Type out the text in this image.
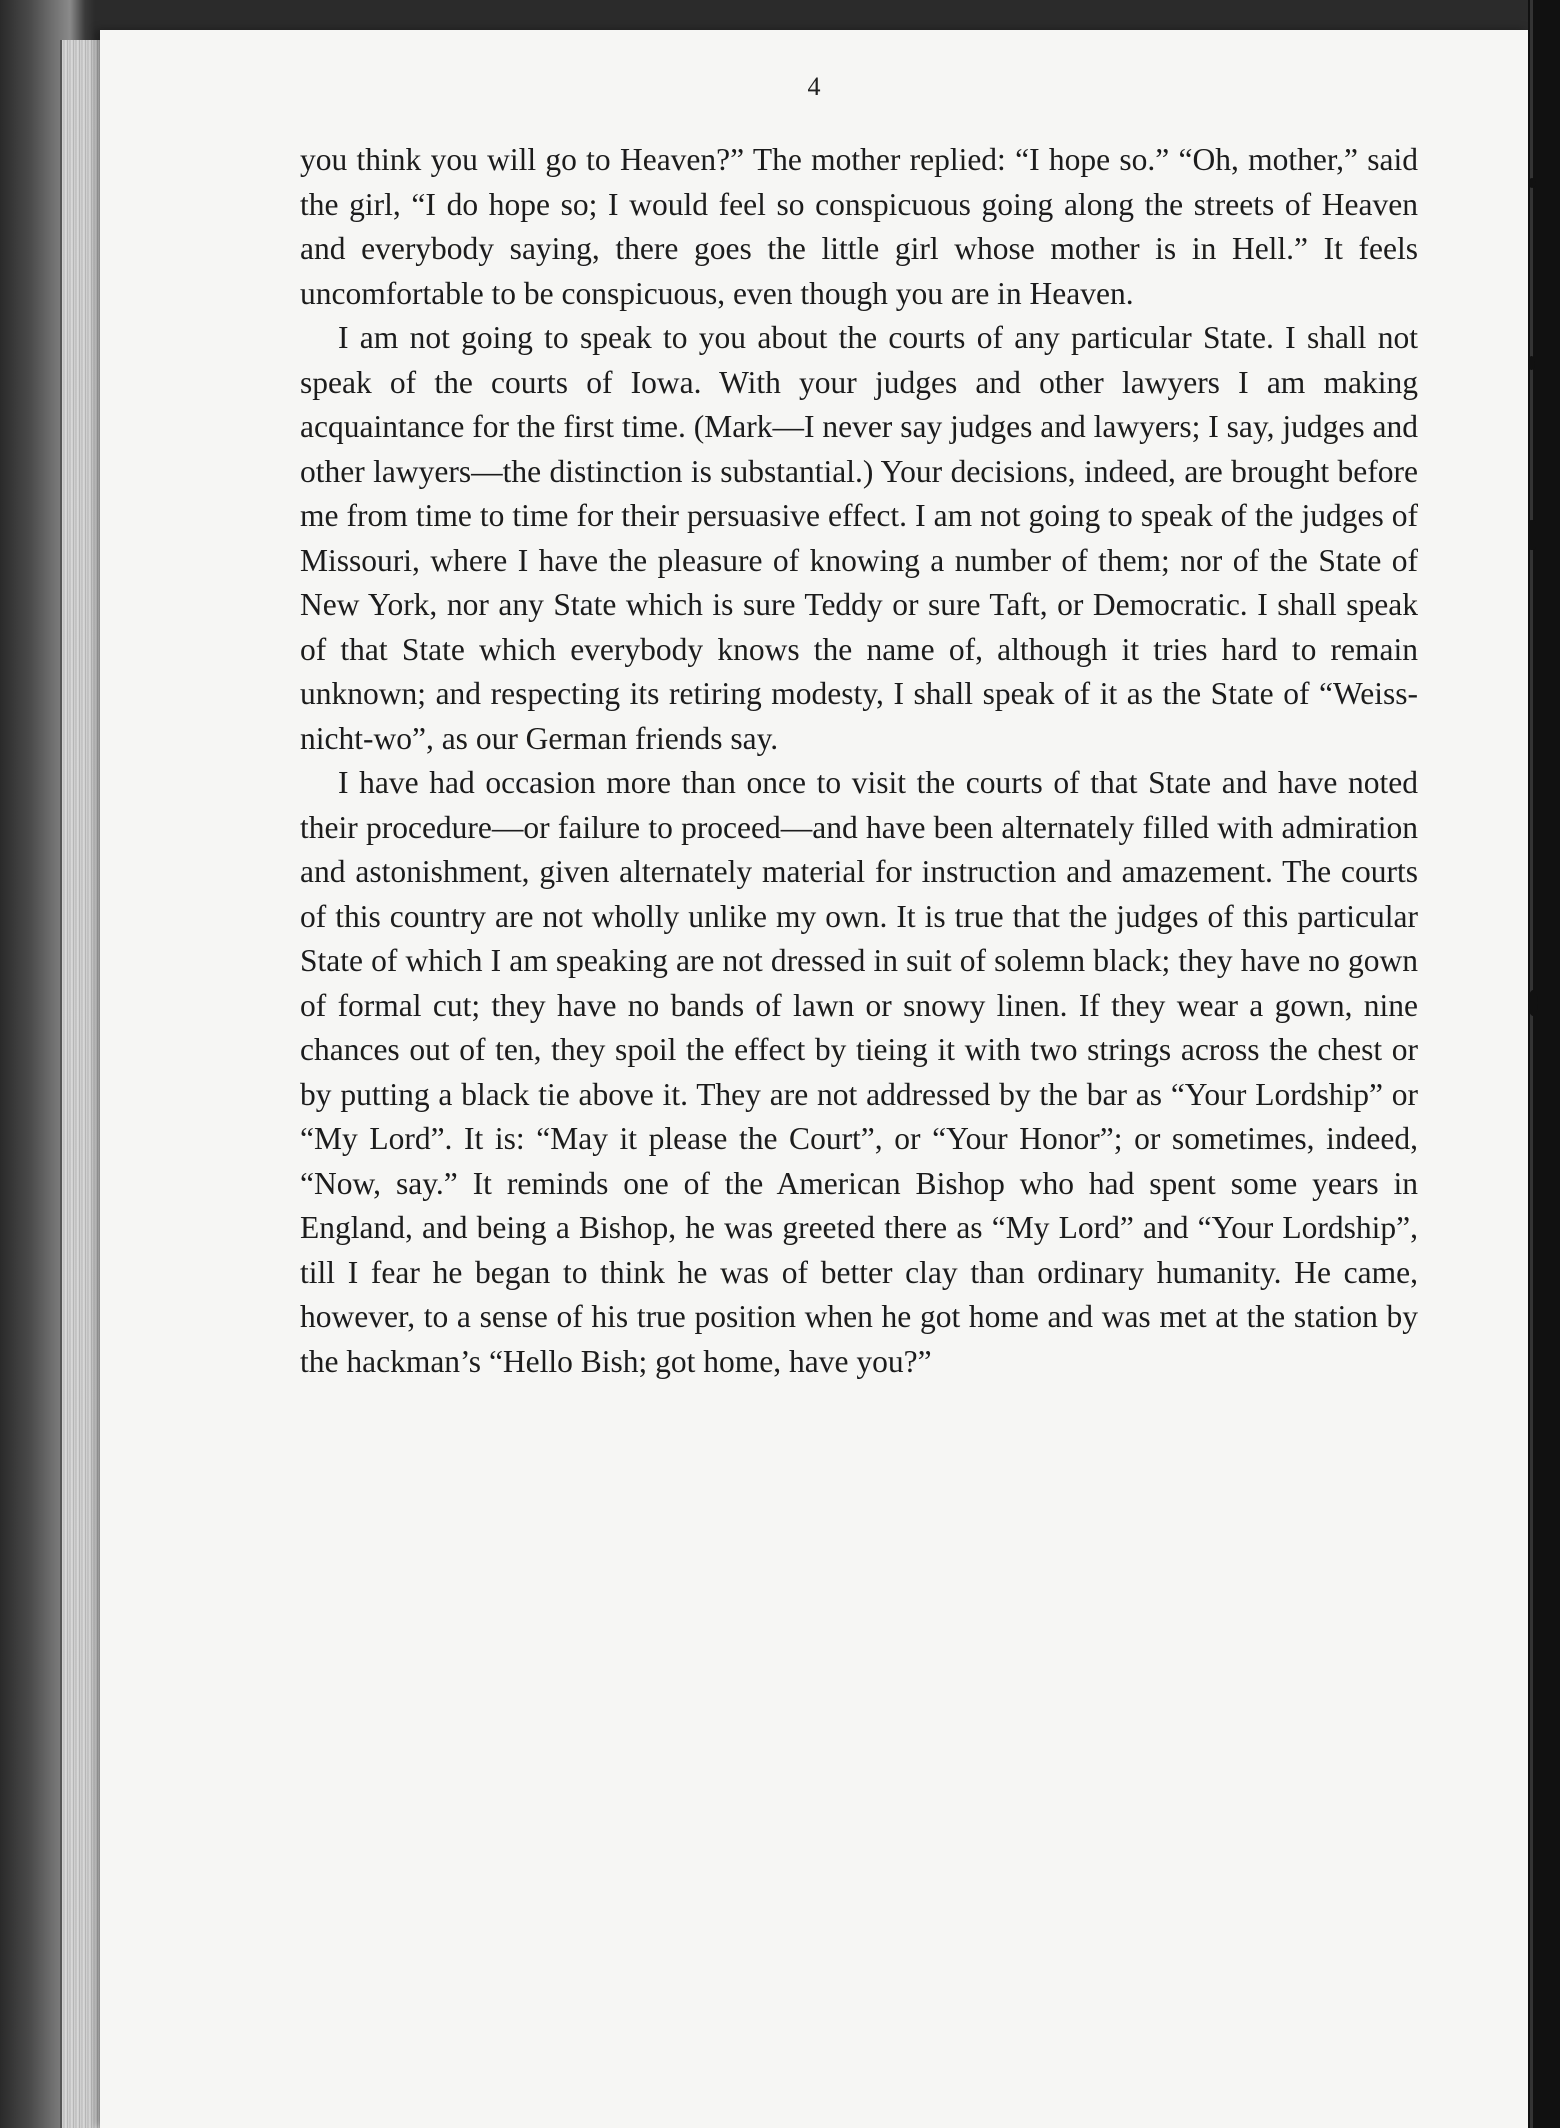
4

you think you will go to Heaven?” The mother replied: “I hope so.” “Oh, mother,” said the girl, “I do hope so; I would feel so conspicuous going along the streets of Heaven and everybody saying, there goes the little girl whose mother is in Hell.” It feels uncomfortable to be conspicuous, even though you are in Heaven.

I am not going to speak to you about the courts of any particular State. I shall not speak of the courts of Iowa. With your judges and other lawyers I am making acquaintance for the first time. (Mark—I never say judges and lawyers; I say, judges and other lawyers—the distinction is substantial.) Your decisions, indeed, are brought before me from time to time for their persuasive effect. I am not going to speak of the judges of Missouri, where I have the pleasure of knowing a number of them; nor of the State of New York, nor any State which is sure Teddy or sure Taft, or Democratic. I shall speak of that State which everybody knows the name of, although it tries hard to remain unknown; and respecting its retiring modesty, I shall speak of it as the State of “Weiss-nicht-wo”, as our German friends say.

I have had occasion more than once to visit the courts of that State and have noted their procedure—or failure to proceed—and have been alternately filled with admiration and astonishment, given alternately material for instruction and amazement. The courts of this country are not wholly unlike my own. It is true that the judges of this particular State of which I am speaking are not dressed in suit of solemn black; they have no gown of formal cut; they have no bands of lawn or snowy linen. If they wear a gown, nine chances out of ten, they spoil the effect by tieing it with two strings across the chest or by putting a black tie above it. They are not addressed by the bar as “Your Lordship” or “My Lord”. It is: “May it please the Court”, or “Your Honor”; or sometimes, indeed, “Now, say.” It reminds one of the American Bishop who had spent some years in England, and being a Bishop, he was greeted there as “My Lord” and “Your Lordship”, till I fear he began to think he was of better clay than ordinary humanity. He came, however, to a sense of his true position when he got home and was met at the station by the hackman’s “Hello Bish; got home, have you?”
